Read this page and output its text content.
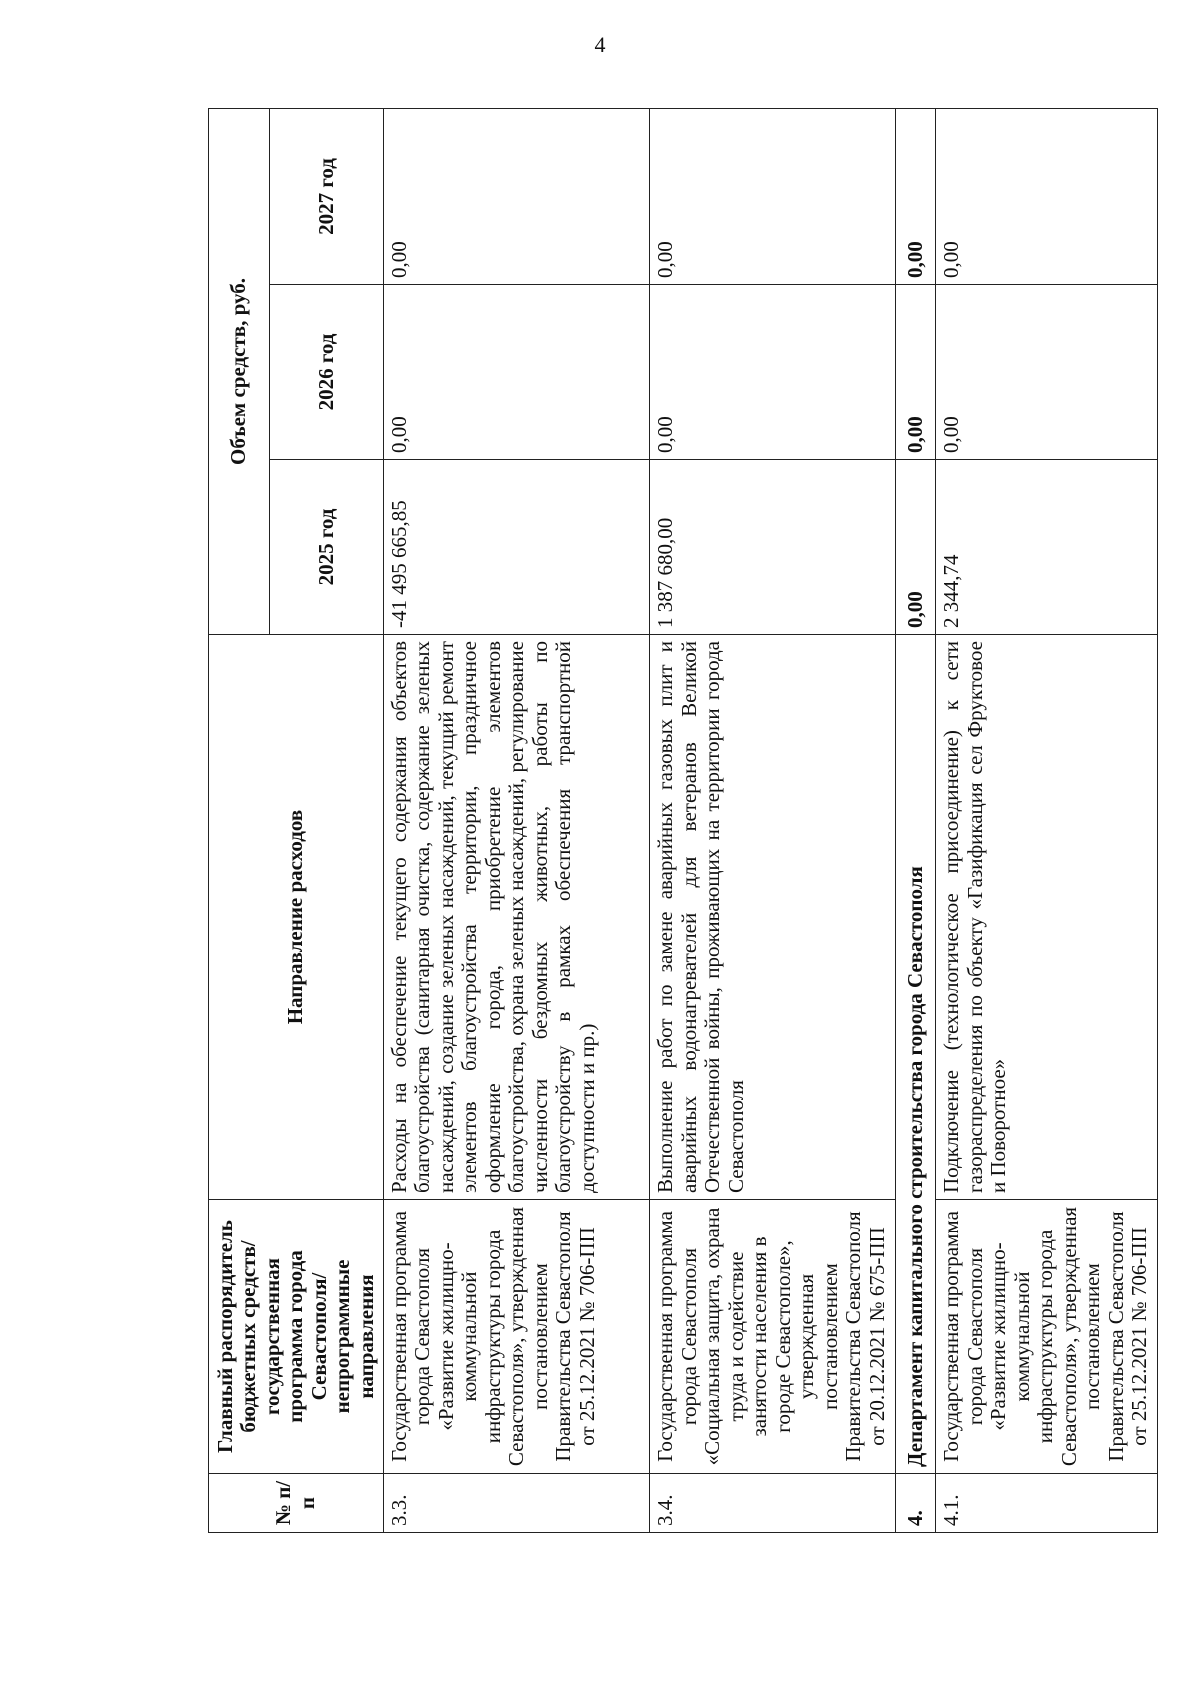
4
№ п/п	Главный распорядитель бюджетных средств/государственная программа города Севастополя/непрограммные направления	Направление расходов	Объем средств, руб.		
			2025 год	2026 год	2027 год
3.3.	Государственная программа города Севастополя «Развитие жилищно-коммунальной инфраструктуры города Севастополя», утвержденная постановлением Правительства Севастополя от 25.12.2021 № 706-ПП	Расходы на обеспечение текущего содержания объектов благоустройства (санитарная очистка, содержание зеленых насаждений, создание зеленых насаждений, текущий ремонт элементов благоустройства территории, праздничное оформление города, приобретение элементов благоустройства, охрана зеленых насаждений, регулирование численности бездомных животных, работы по благоустройству в рамках обеспечения транспортной доступности и пр.)	-41 495 665,85	0,00	0,00
3.4.	Государственная программа города Севастополя «Социальная защита, охрана труда и содействие занятости населения в городе Севастополе», утвержденная постановлением Правительства Севастополя от 20.12.2021 № 675-ПП	Выполнение работ по замене аварийных газовых плит и аварийных водонагревателей для ветеранов Великой Отечественной войны, проживающих на территории города Севастополя	1 387 680,00	0,00	0,00
4.	Департамент капитального строительства города Севастополя		0,00	0,00	0,00
4.1.	Государственная программа города Севастополя «Развитие жилищно-коммунальной инфраструктуры города Севастополя», утвержденная постановлением Правительства Севастополя от 25.12.2021 № 706-ПП	Подключение (технологическое присоединение) к сети газораспределения по объекту «Газификация сел Фруктовое и Поворотное»	2 344,74	0,00	0,00
